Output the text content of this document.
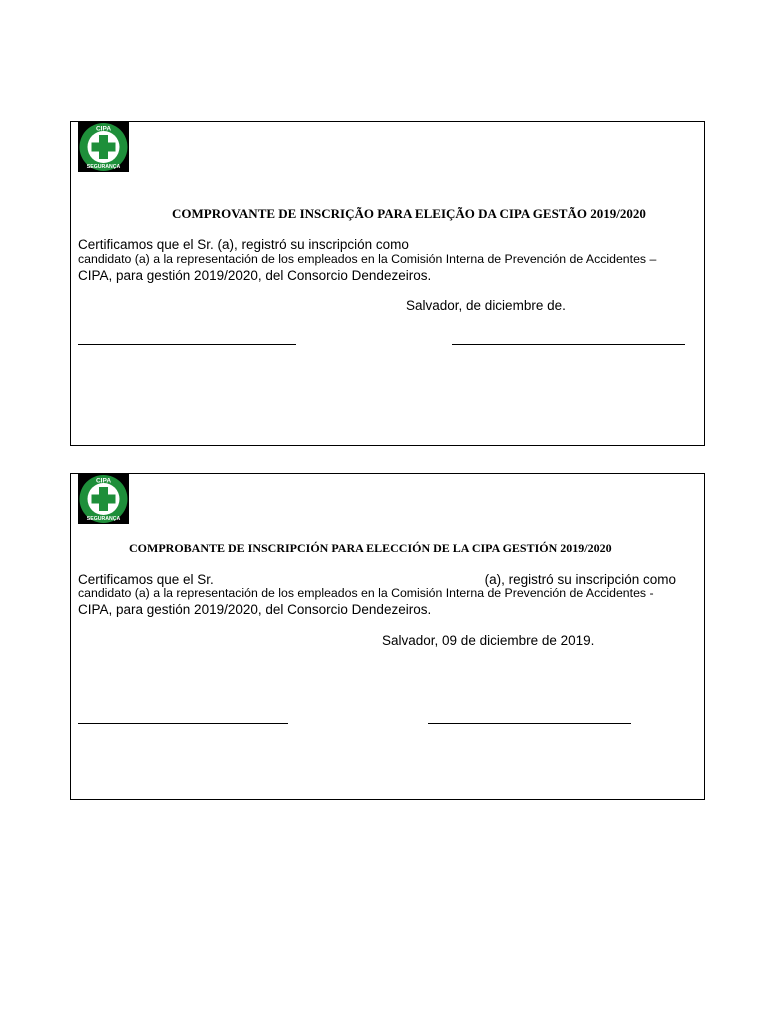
CIPA
SEGURANÇA
COMPROVANTE DE INSCRIÇÃO PARA ELEIÇÃO DA CIPA GESTÃO 2019/2020
Certificamos que el Sr. (a), registró su inscripción como
candidato (a) a la representación de los empleados en la Comisión Interna de Prevención de Accidentes –
CIPA, para gestión 2019/2020, del Consorcio Dendezeiros.
Salvador, de diciembre de.
CIPA
SEGURANÇA
COMPROBANTE DE INSCRIPCIÓN PARA ELECCIÓN DE LA CIPA GESTIÓN 2019/2020
Certificamos que el Sr.	(a), registró su inscripción como
candidato (a) a la representación de los empleados en la Comisión Interna de Prevención de Accidentes -
CIPA, para gestión 2019/2020, del Consorcio Dendezeiros.
Salvador, 09 de diciembre de 2019.
